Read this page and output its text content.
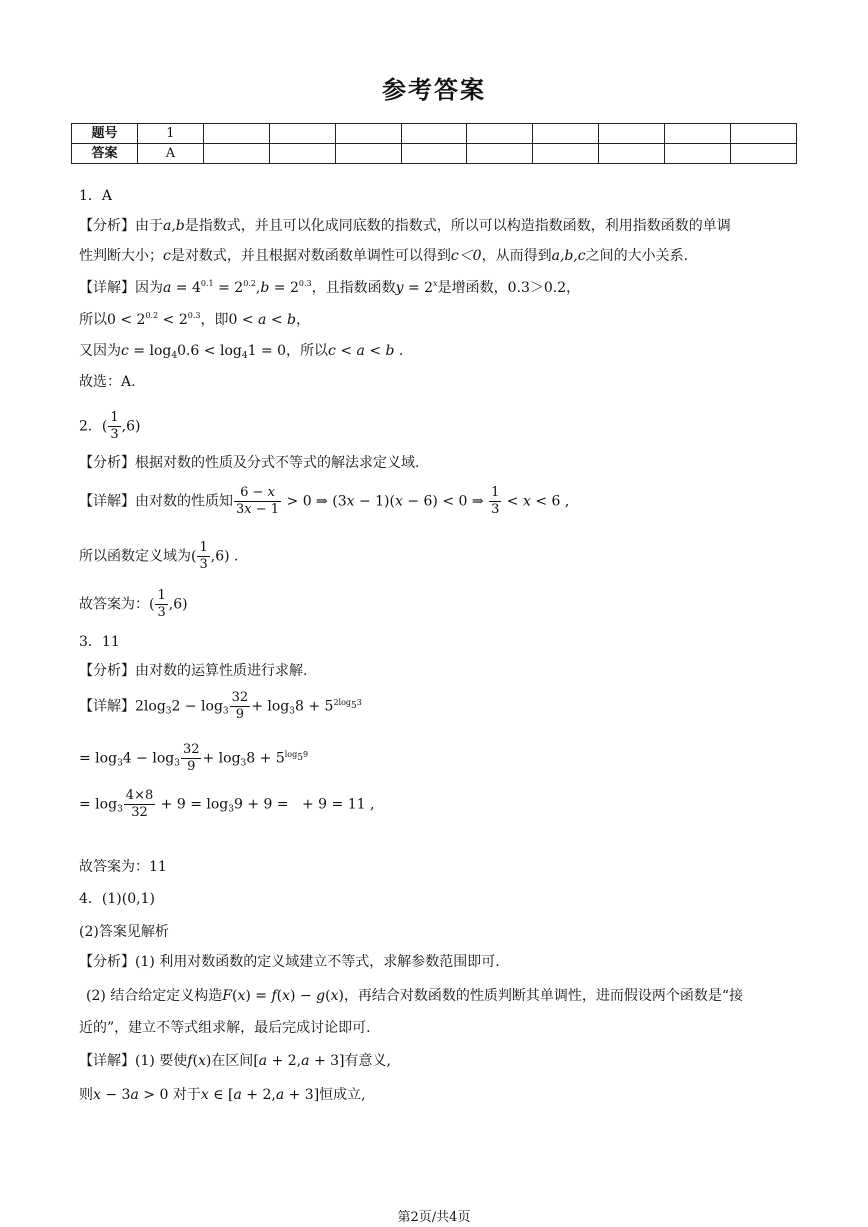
参考答案
题号	1									
答案	A									
1．A
【分析】由于a,b是指数式，并且可以化成同底数的指数式，所以可以构造指数函数，利用指数函数的单调
性判断大小；c是对数式，并且根据对数函数单调性可以得到c＜0，从而得到a,b,c之间的大小关系.
【详解】因为$a = 4^{0.1} = 2^{0.2},b = 2^{0.3}$，且指数函数$y = 2^x$是增函数，0.3＞0.2，
所以$0 < 2^{0.2} < 2^{0.3}$，即0 < a < b，
又因为$c = \log_40.6 < \log_41 = 0$，所以c < a < b .
故选：A.
2．( $\frac{1}{3} ,6$)
【分析】根据对数的性质及分式不等式的解法求定义域.
【详解】由对数的性质知 $\frac{6 - x}{3x - 1} > 0$ ⇒ (3x − 1)(x − 6) < 0 ⇒ $\frac{1}{3} < x < 6$ ,
所以函数定义域为( $\frac{1}{3} ,6$) .
故答案为：( $\frac{1}{3} ,6$)
3．11
【分析】由对数的运算性质进行求解.
【详解】$2\log_32 - \log_3 \frac{32}{9} + \log_38 + 5^{2log_53}$
= $\log_34 - \log_3 \frac{32}{9} + \log_38 + 5^{log_59}$
= $\log_3 \frac{4\times 8}{32} + 9 = \log_39 + 9$ =   + 9 = 11 ,
故答案为：11
4．(1)(0,1)
(2)答案见解析
【分析】(1) 利用对数函数的定义域建立不等式，求解参数范围即可.
(2) 结合给定定义构造F(x) = f(x) − g(x)，再结合对数函数的性质判断其单调性，进而假设两个函数是“接
近的”，建立不等式组求解，最后完成讨论即可.
【详解】(1) 要使f(x)在区间[a + 2,a + 3]有意义,
则x − 3a > 0 对于x ∈ [a + 2,a + 3]恒成立,
第2页/共4页
